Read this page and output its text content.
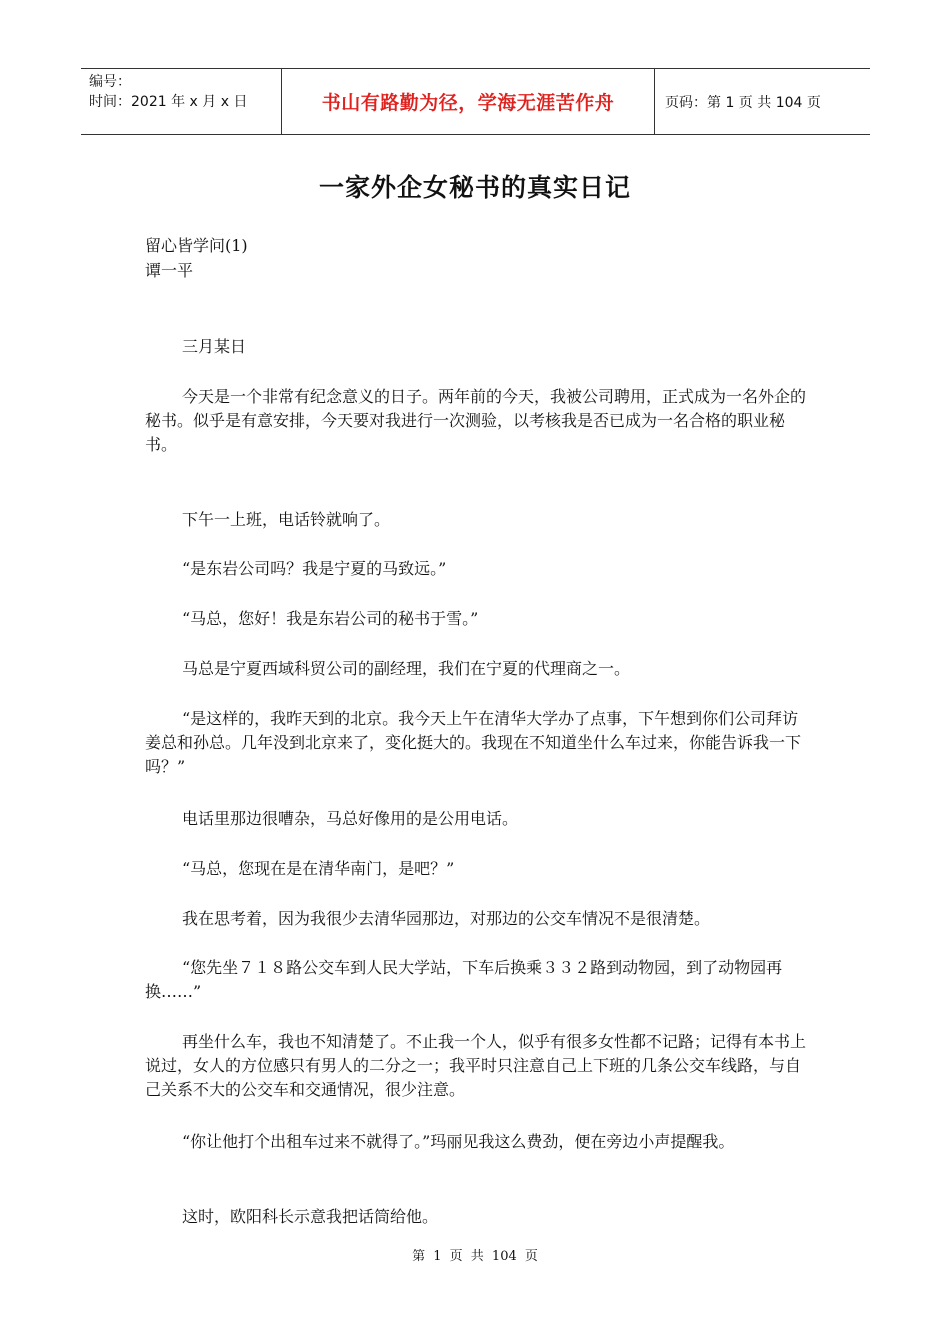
编号：
时间：2021 年 x 月 x 日	书山有路勤为径，学海无涯苦作舟	页码：第 1 页 共 104 页
一家外企女秘书的真实日记
留心皆学问(1)
谭一平

三月某日

今天是一个非常有纪念意义的日子。两年前的今天，我被公司聘用，正式成为一名外企的秘书。似乎是有意安排，今天要对我进行一次测验，以考核我是否已成为一名合格的职业秘书。

下午一上班，电话铃就响了。

“是东岩公司吗？我是宁夏的马致远。”

“马总，您好！我是东岩公司的秘书于雪。”

马总是宁夏西域科贸公司的副经理，我们在宁夏的代理商之一。

“是这样的，我昨天到的北京。我今天上午在清华大学办了点事，下午想到你们公司拜访姜总和孙总。几年没到北京来了，变化挺大的。我现在不知道坐什么车过来，你能告诉我一下吗？”

电话里那边很嘈杂，马总好像用的是公用电话。

“马总，您现在是在清华南门，是吧？”

我在思考着，因为我很少去清华园那边，对那边的公交车情况不是很清楚。

“您先坐７１８路公交车到人民大学站，下车后换乘３３２路到动物园，到了动物园再换……”

再坐什么车，我也不知清楚了。不止我一个人，似乎有很多女性都不记路；记得有本书上说过，女人的方位感只有男人的二分之一；我平时只注意自己上下班的几条公交车线路，与自己关系不大的公交车和交通情况，很少注意。

“你让他打个出租车过来不就得了。”玛丽见我这么费劲，便在旁边小声提醒我。

这时，欧阳科长示意我把话筒给他。

第 1 页 共 104 页
